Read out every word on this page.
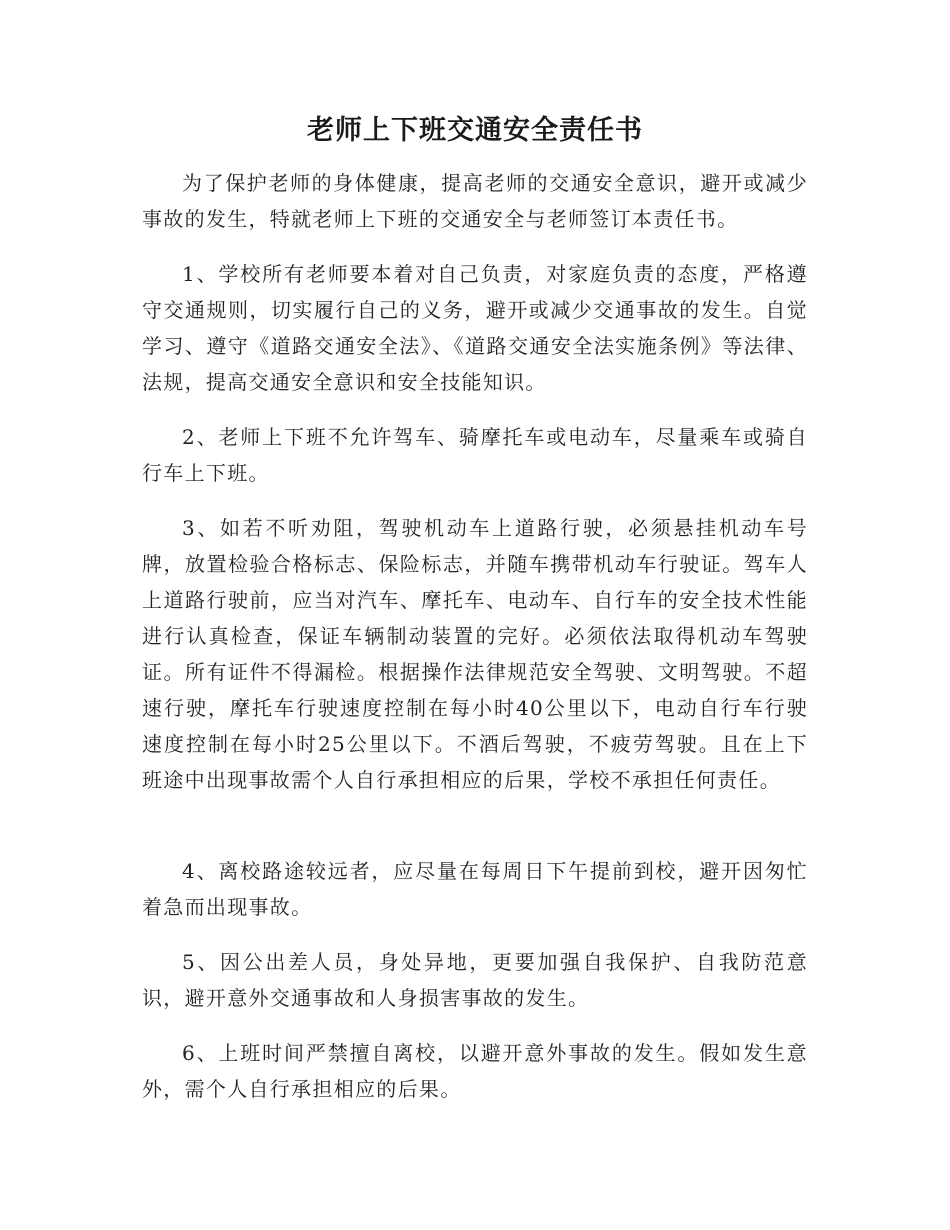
老师上下班交通安全责任书

为了保护老师的身体健康，提高老师的交通安全意识，避开或减少事故的发生，特就老师上下班的交通安全与老师签订本责任书。

1、学校所有老师要本着对自己负责，对家庭负责的态度，严格遵守交通规则，切实履行自己的义务，避开或减少交通事故的发生。自觉学习、遵守《道路交通安全法》、《道路交通安全法实施条例》等法律、法规，提高交通安全意识和安全技能知识。

2、老师上下班不允许驾车、骑摩托车或电动车，尽量乘车或骑自行车上下班。

3、如若不听劝阻，驾驶机动车上道路行驶，必须悬挂机动车号牌，放置检验合格标志、保险标志，并随车携带机动车行驶证。驾车人上道路行驶前，应当对汽车、摩托车、电动车、自行车的安全技术性能进行认真检查，保证车辆制动装置的完好。必须依法取得机动车驾驶证。所有证件不得漏检。根据操作法律规范安全驾驶、文明驾驶。不超速行驶，摩托车行驶速度控制在每小时40公里以下，电动自行车行驶速度控制在每小时25公里以下。不酒后驾驶，不疲劳驾驶。且在上下班途中出现事故需个人自行承担相应的后果，学校不承担任何责任。

4、离校路途较远者，应尽量在每周日下午提前到校，避开因匆忙着急而出现事故。

5、因公出差人员，身处异地，更要加强自我保护、自我防范意识，避开意外交通事故和人身损害事故的发生。

6、上班时间严禁擅自离校，以避开意外事故的发生。假如发生意外，需个人自行承担相应的后果。
